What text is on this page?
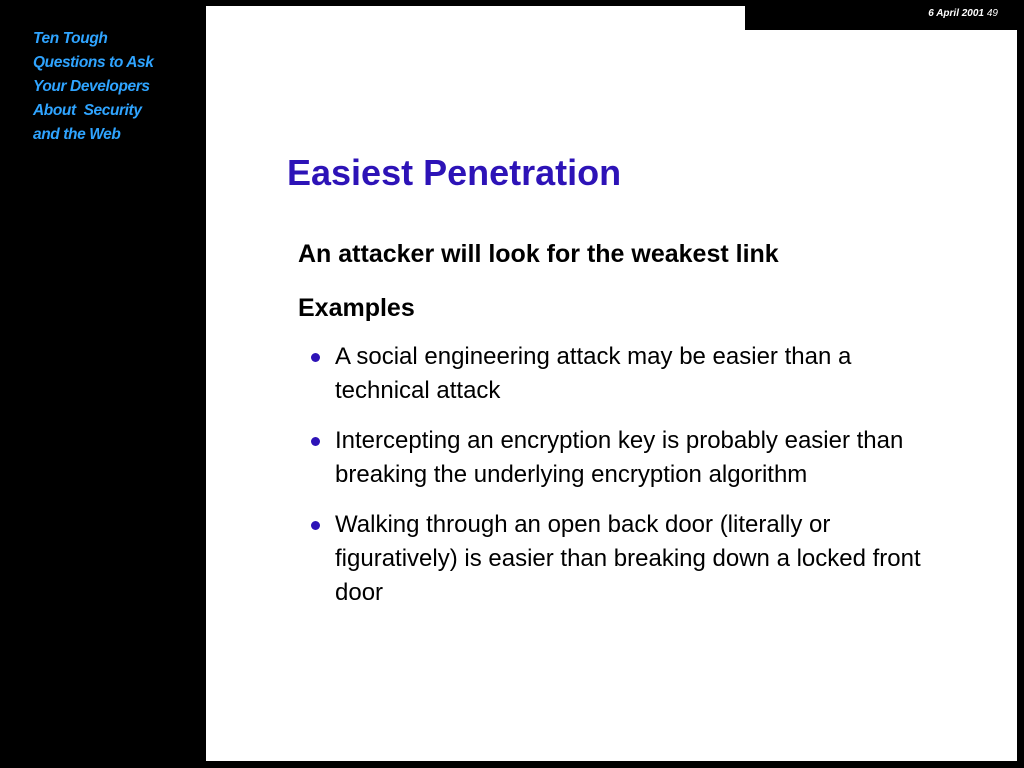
Ten Tough
Questions to Ask
Your Developers
About  Security
and the Web
6 April 2001 49
Easiest Penetration

An attacker will look for the weakest link

Examples

A social engineering attack may be easier than a technical attack
Intercepting an encryption key is probably easier than breaking the underlying encryption algorithm
Walking through an open back door (literally or figuratively) is easier than breaking down a locked front door
